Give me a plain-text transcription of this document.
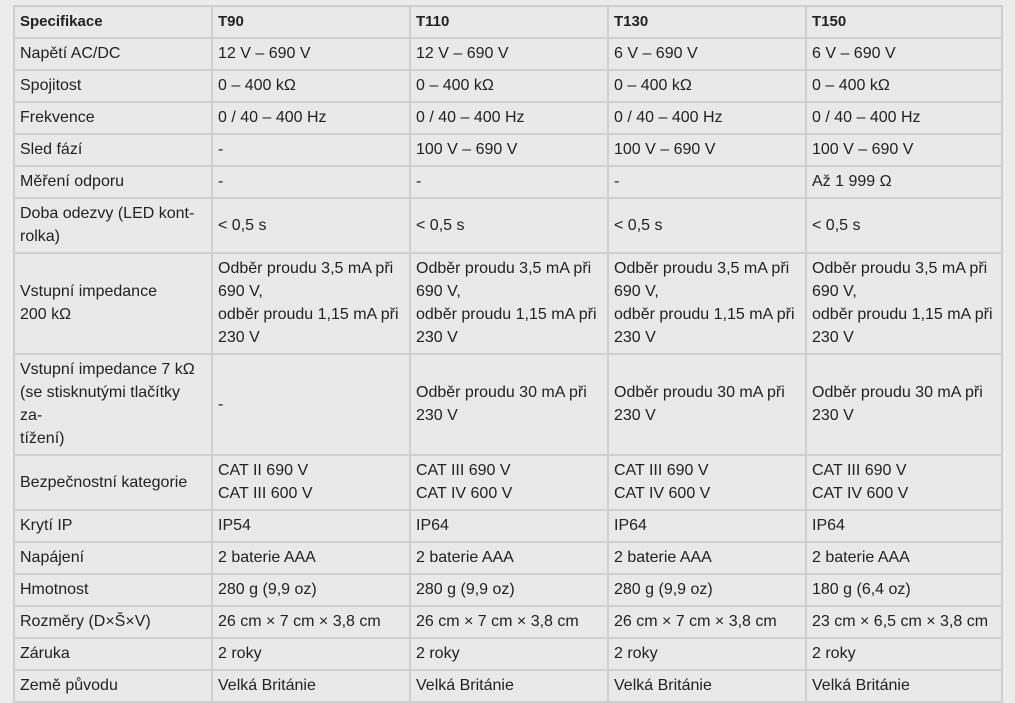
Specifikace	T90	T110	T130	T150
Napětí AC/DC	12 V – 690 V	12 V – 690 V	6 V – 690 V	6 V – 690 V
Spojitost	0 – 400 kΩ	0 – 400 kΩ	0 – 400 kΩ	0 – 400 kΩ
Frekvence	0 / 40 – 400 Hz	0 / 40 – 400 Hz	0 / 40 – 400 Hz	0 / 40 – 400 Hz
Sled fází	-	100 V – 690 V	100 V – 690 V	100 V – 690 V
Měření odporu	-	-	-	Až 1 999 Ω
Doba odezvy (LED kont-
rolka)	< 0,5 s	< 0,5 s	< 0,5 s	< 0,5 s
Vstupní impedance
200 kΩ	Odběr proudu 3,5 mA při
690 V,
odběr proudu 1,15 mA při
230 V	Odběr proudu 3,5 mA při
690 V,
odběr proudu 1,15 mA při
230 V	Odběr proudu 3,5 mA při
690 V,
odběr proudu 1,15 mA při
230 V	Odběr proudu 3,5 mA při
690 V,
odběr proudu 1,15 mA při
230 V
Vstupní impedance 7 kΩ
(se stisknutými tlačítky za-
tížení)	-	Odběr proudu 30 mA při
230 V	Odběr proudu 30 mA při
230 V	Odběr proudu 30 mA při
230 V
Bezpečnostní kategorie	CAT II 690 V
CAT III 600 V	CAT III 690 V
CAT IV 600 V	CAT III 690 V
CAT IV 600 V	CAT III 690 V
CAT IV 600 V
Krytí IP	IP54	IP64	IP64	IP64
Napájení	2 baterie AAA	2 baterie AAA	2 baterie AAA	2 baterie AAA
Hmotnost	280 g (9,9 oz)	280 g (9,9 oz)	280 g (9,9 oz)	180 g (6,4 oz)
Rozměry (D×Š×V)	26 cm × 7 cm × 3,8 cm	26 cm × 7 cm × 3,8 cm	26 cm × 7 cm × 3,8 cm	23 cm × 6,5 cm × 3,8 cm
Záruka	2 roky	2 roky	2 roky	2 roky
Země původu	Velká Británie	Velká Británie	Velká Británie	Velká Británie
